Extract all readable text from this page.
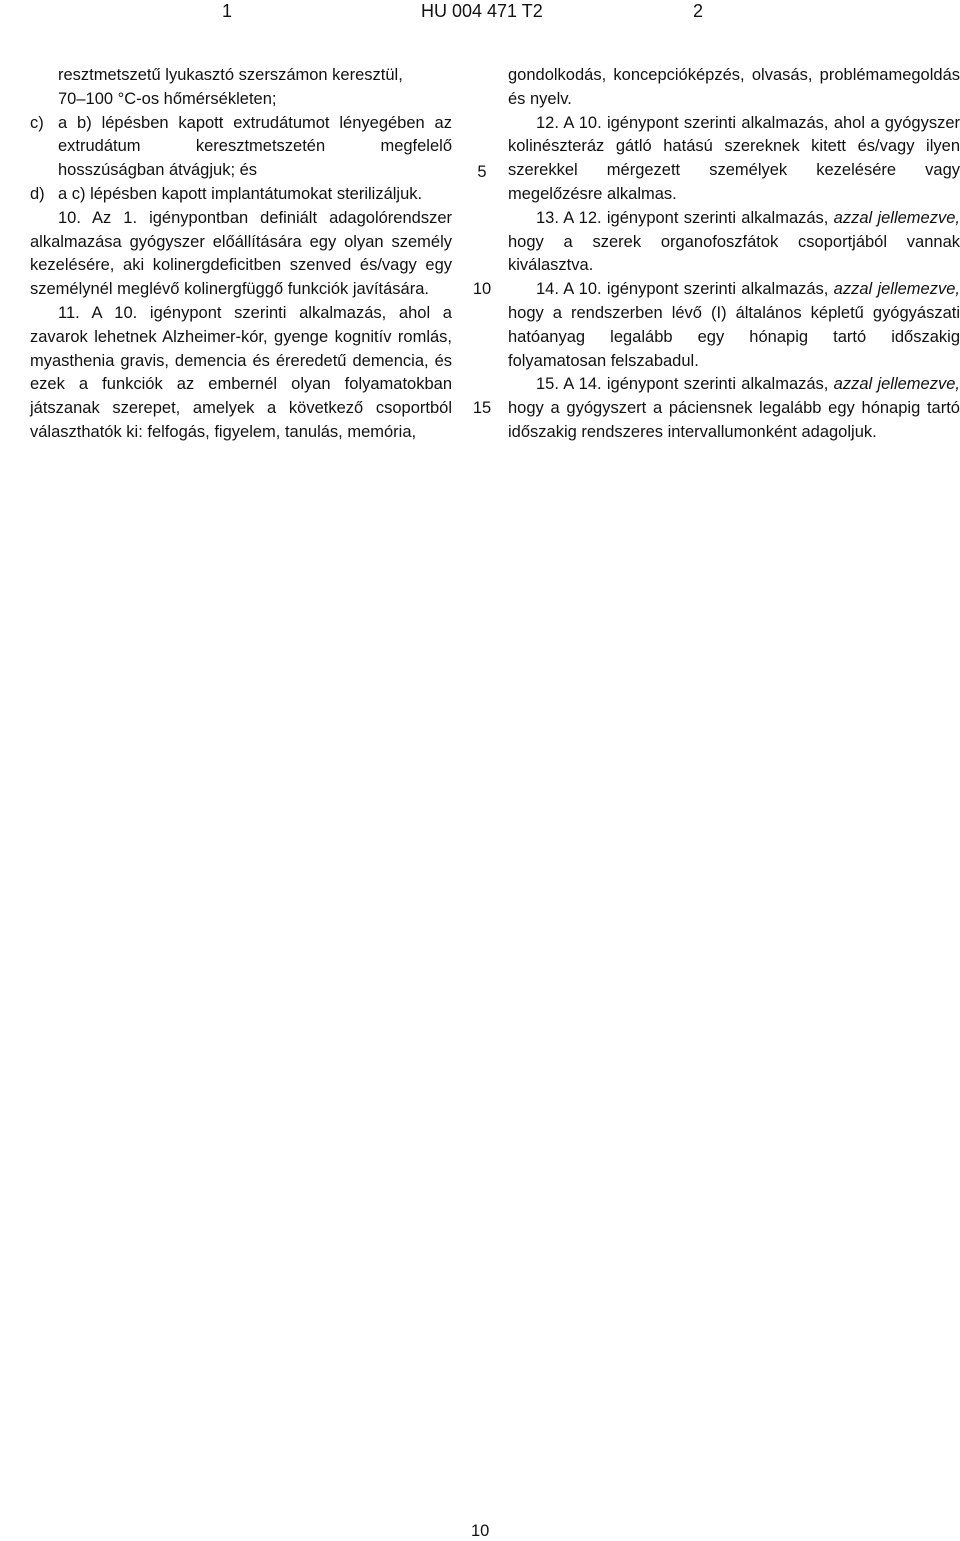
1	HU 004 471 T2	2

resztmetszetű lyukasztó szerszámon keresztül,

70–100 °C-os hőmérsékleten;

c) a b) lépésben kapott extrudátumot lényegében az extrudátum keresztmetszetén megfelelő hosszúságban átvágjuk; és
d) a c) lépésben kapott implantátumokat sterilizáljuk.

10. Az 1. igénypontban definiált adagolórendszer alkalmazása gyógyszer előállítására egy olyan személy kezelésére, aki kolinergdeficitben szenved és/vagy egy személynél meglévő kolinergfüggő funkciók javítására.

11. A 10. igénypont szerinti alkalmazás, ahol a zavarok lehetnek Alzheimer-kór, gyenge kognitív romlás, myasthenia gravis, demencia és éreredetű demencia, és ezek a funkciók az embernél olyan folyamatokban játszanak szerepet, amelyek a következő csoportból választhatók ki: felfogás, figyelem, tanulás, memória,

5
10
15

gondolkodás, koncepcióképzés, olvasás, problémamegoldás és nyelv.

12. A 10. igénypont szerinti alkalmazás, ahol a gyógyszer kolinészteráz gátló hatású szereknek kitett és/vagy ilyen szerekkel mérgezett személyek kezelésére vagy megelőzésre alkalmas.

13. A 12. igénypont szerinti alkalmazás, azzal jellemezve, hogy a szerek organofoszfátok csoportjából vannak kiválasztva.

14. A 10. igénypont szerinti alkalmazás, azzal jellemezve, hogy a rendszerben lévő (I) általános képletű gyógyászati hatóanyag legalább egy hónapig tartó időszakig folyamatosan felszabadul.

15. A 14. igénypont szerinti alkalmazás, azzal jellemezve, hogy a gyógyszert a páciensnek legalább egy hónapig tartó időszakig rendszeres intervallumonként adagoljuk.

10
